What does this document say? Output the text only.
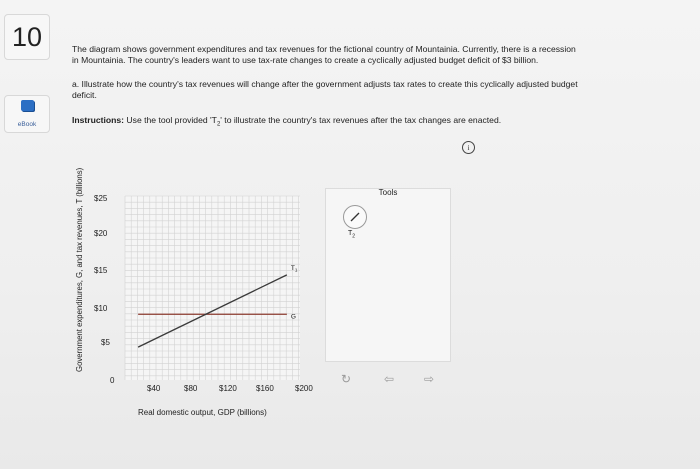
10
eBook
The diagram shows government expenditures and tax revenues for the fictional country of Mountainia. Currently, there is a recession
in Mountainia. The country's leaders want to use tax-rate changes to create a cyclically adjusted budget deficit of $3 billion.
a. Illustrate how the country's tax revenues will change after the government adjusts tax rates to create this cyclically adjusted budget
deficit.
Instructions: Use the tool provided '$T_2$' to illustrate the country's tax revenues after the tax changes are enacted.
i
Government expenditures, G, and tax revenues, T (billions) $25
$20
$15
$10
$5
0
$40	$80	$120 $160	$200
Real domestic output, GDP (billions)
G
$T_1$
Tools
$T_2$
↻	⇦ ⇨
